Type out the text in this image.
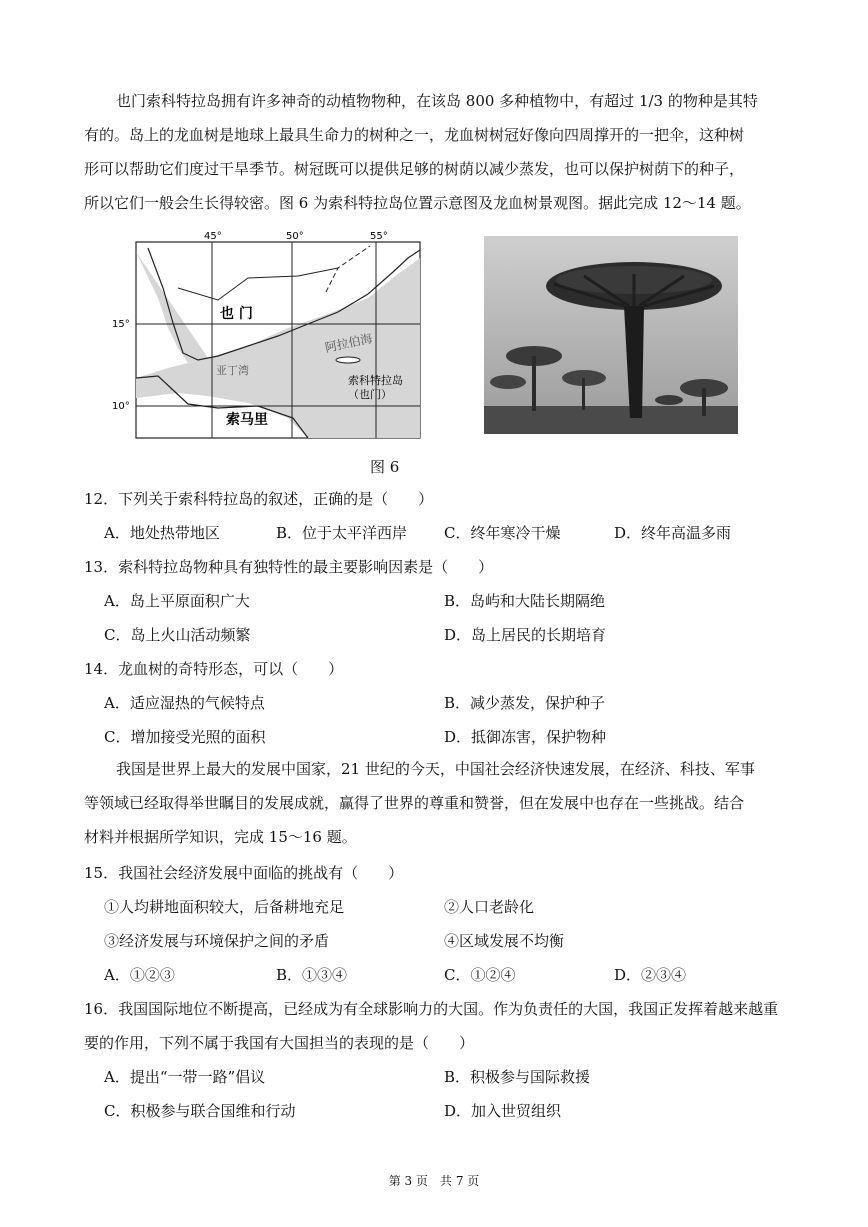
也门索科特拉岛拥有许多神奇的动植物物种，在该岛 800 多种植物中，有超过 1/3 的物种是其特
有的。岛上的龙血树是地球上最具生命力的树种之一，龙血树树冠好像向四周撑开的一把伞，这种树
形可以帮助它们度过干旱季节。树冠既可以提供足够的树荫以减少蒸发，也可以保护树荫下的种子，
所以它们一般会生长得较密。图 6 为索科特拉岛位置示意图及龙血树景观图。据此完成 12～14 题。
45°	50°	55°
15°
10°
也 门
亚丁湾
阿拉伯海
索科特拉岛
（也门）
索马里
图 6
12．下列关于索科特拉岛的叙述，正确的是（　　）
A．地处热带地区	B．位于太平洋西岸 C．终年寒冷干燥	D．终年高温多雨
13．索科特拉岛物种具有独特性的最主要影响因素是（　　）
A．岛上平原面积广大	B．岛屿和大陆长期隔绝
C．岛上火山活动频繁	D．岛上居民的长期培育
14．龙血树的奇特形态，可以（　　）
A．适应湿热的气候特点	B．减少蒸发，保护种子
C．增加接受光照的面积	D．抵御冻害，保护物种
我国是世界上最大的发展中国家，21 世纪的今天，中国社会经济快速发展，在经济、科技、军事
等领域已经取得举世瞩目的发展成就，赢得了世界的尊重和赞誉，但在发展中也存在一些挑战。结合
材料并根据所学知识，完成 15～16 题。
15．我国社会经济发展中面临的挑战有（　　）
①人均耕地面积较大，后备耕地充足	②人口老龄化
③经济发展与环境保护之间的矛盾	④区域发展不均衡
A．①②③	B．①③④	C．①②④	D．②③④
16．我国国际地位不断提高，已经成为有全球影响力的大国。作为负责任的大国，我国正发挥着越来越重
要的作用，下列不属于我国有大国担当的表现的是（　　）
A．提出“一带一路”倡议	B．积极参与国际救援
C．积极参与联合国维和行动	D．加入世贸组织
第 3 页　共 7 页
